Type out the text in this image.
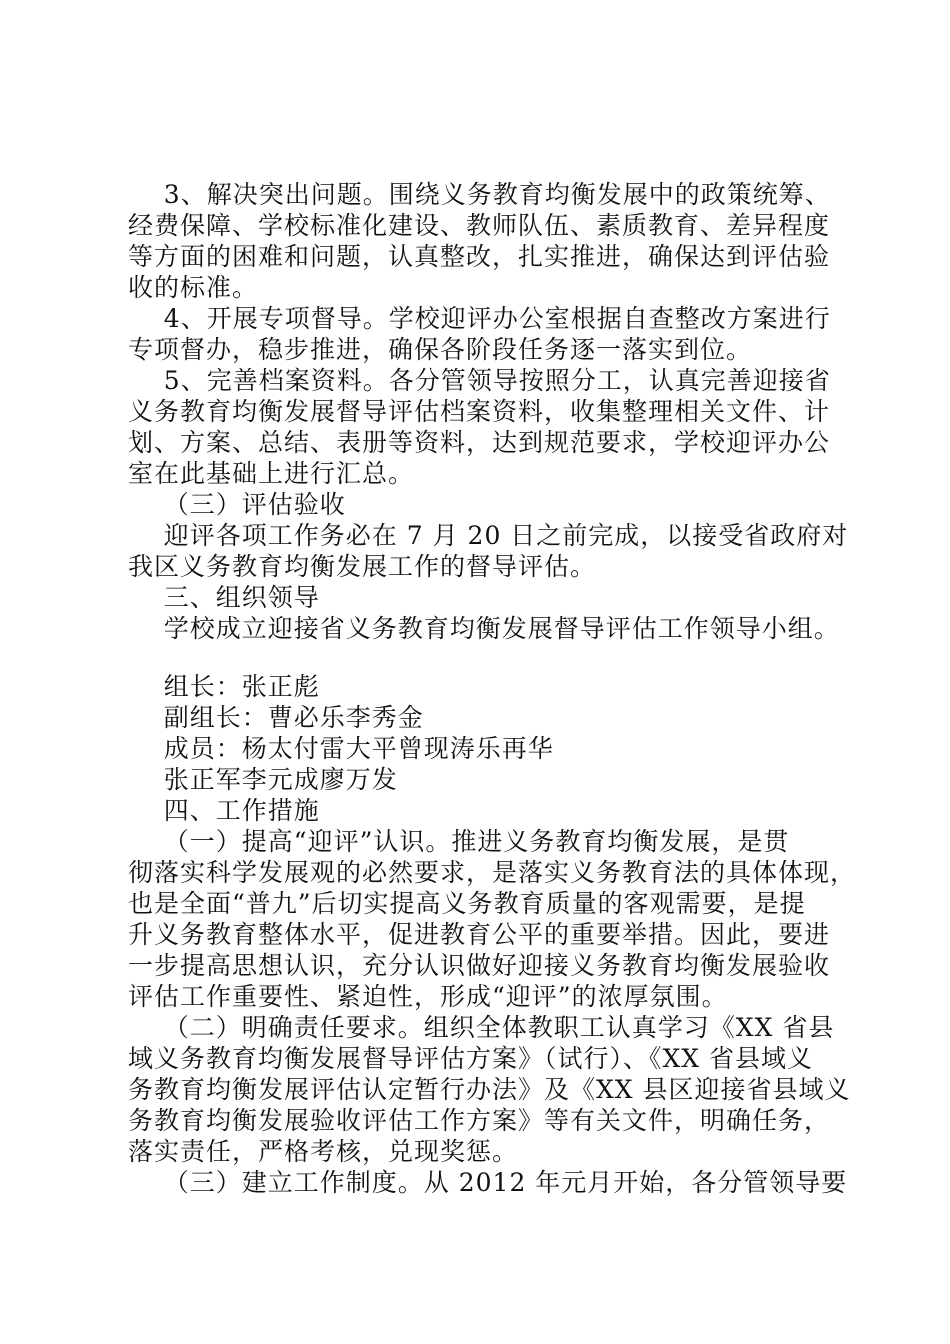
3、解决突出问题。围绕义务教育均衡发展中的政策统筹、
经费保障、学校标准化建设、教师队伍、素质教育、差异程度
等方面的困难和问题，认真整改，扎实推进，确保达到评估验
收的标准。
4、开展专项督导。学校迎评办公室根据自查整改方案进行
专项督办，稳步推进，确保各阶段任务逐一落实到位。
5、完善档案资料。各分管领导按照分工，认真完善迎接省
义务教育均衡发展督导评估档案资料，收集整理相关文件、计
划、方案、总结、表册等资料，达到规范要求，学校迎评办公
室在此基础上进行汇总。
（三）评估验收
迎评各项工作务必在 7 月 20 日之前完成，以接受省政府对
我区义务教育均衡发展工作的督导评估。
三、组织领导
学校成立迎接省义务教育均衡发展督导评估工作领导小组。
组长：张正彪
副组长：曹必乐李秀金
成员：杨太付雷大平曾现涛乐再华
张正军李元成廖万发
四、工作措施
（一）提高“迎评”认识。推进义务教育均衡发展，是贯
彻落实科学发展观的必然要求，是落实义务教育法的具体体现，
也是全面“普九”后切实提高义务教育质量的客观需要，是提
升义务教育整体水平，促进教育公平的重要举措。因此，要进
一步提高思想认识，充分认识做好迎接义务教育均衡发展验收
评估工作重要性、紧迫性，形成“迎评”的浓厚氛围。
（二）明确责任要求。组织全体教职工认真学习《XX 省县
域义务教育均衡发展督导评估方案》（试行）、《XX 省县域义
务教育均衡发展评估认定暂行办法》及《XX 县区迎接省县域义
务教育均衡发展验收评估工作方案》等有关文件，明确任务，
落实责任，严格考核，兑现奖惩。
（三）建立工作制度。从 2012 年元月开始，各分管领导要
